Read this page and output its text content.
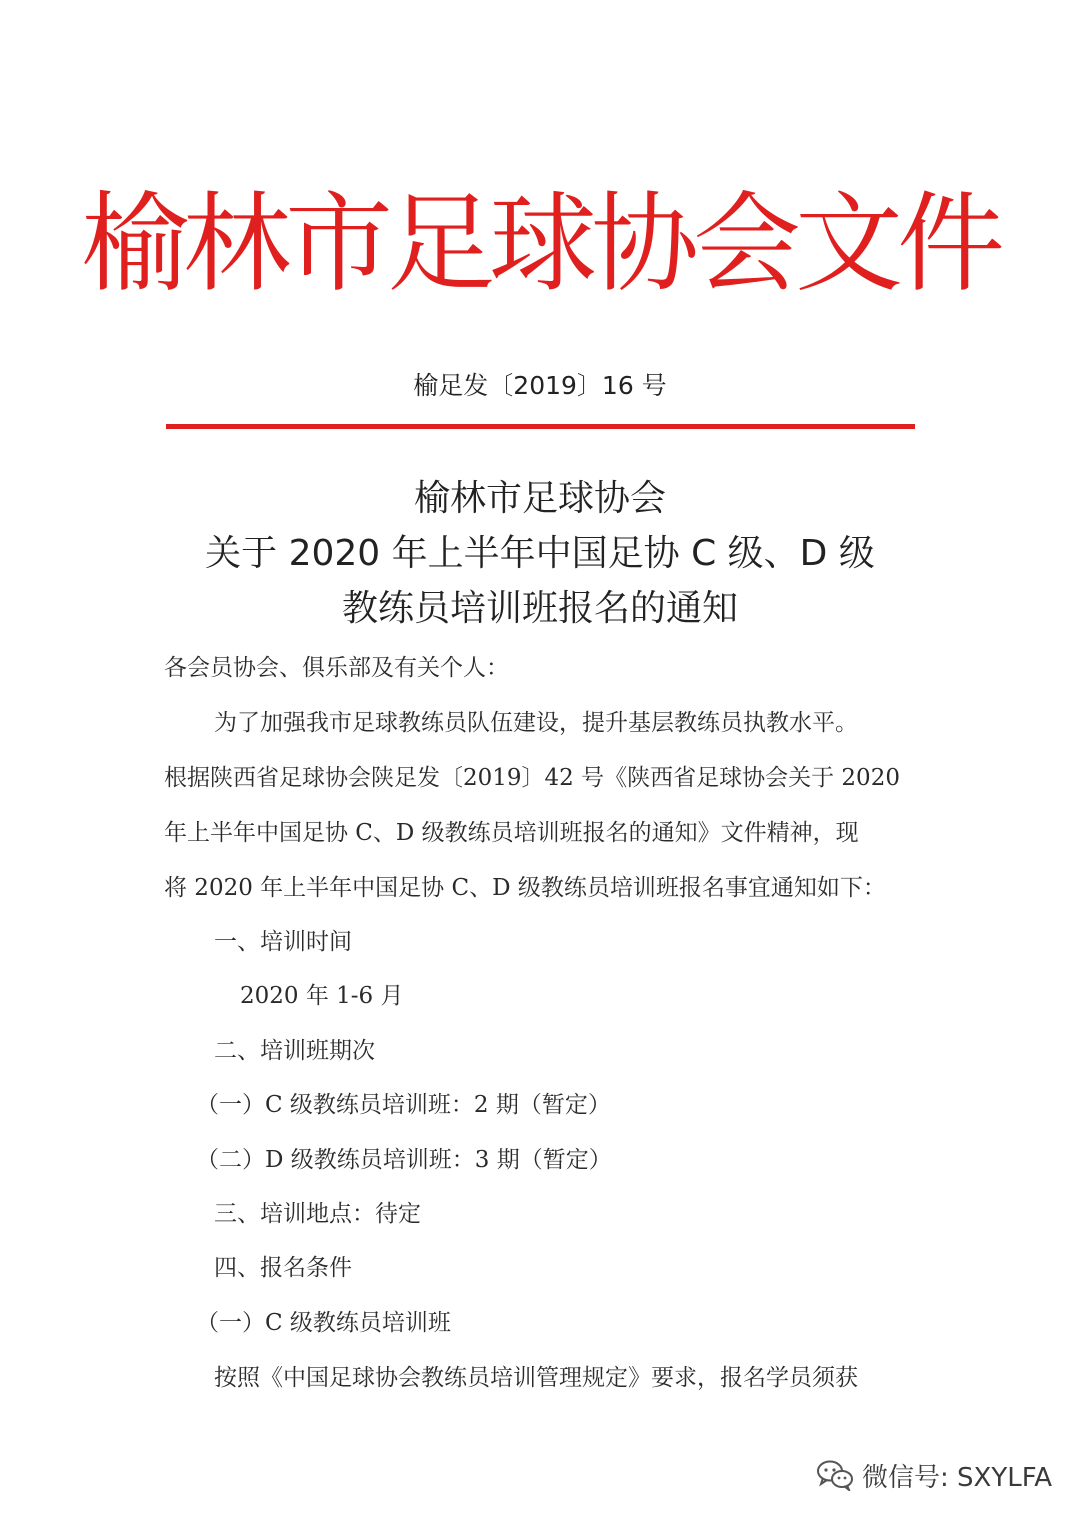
榆林市足球协会文件
榆足发〔2019〕16 号
榆林市足球协会
关于 2020 年上半年中国足协 C 级、D 级
教练员培训班报名的通知
各会员协会、俱乐部及有关个人：
为了加强我市足球教练员队伍建设，提升基层教练员执教水平。
根据陕西省足球协会陕足发〔2019〕42 号《陕西省足球协会关于 2020
年上半年中国足协 C、D 级教练员培训班报名的通知》文件精神，现
将 2020 年上半年中国足协 C、D 级教练员培训班报名事宜通知如下：
一、培训时间
2020 年 1-6 月
二、培训班期次
（一）C 级教练员培训班：2 期（暂定）
（二）D 级教练员培训班：3 期（暂定）
三、培训地点：待定
四、报名条件
（一）C 级教练员培训班
按照《中国足球协会教练员培训管理规定》要求，报名学员须获
微信号: SXYLFA
